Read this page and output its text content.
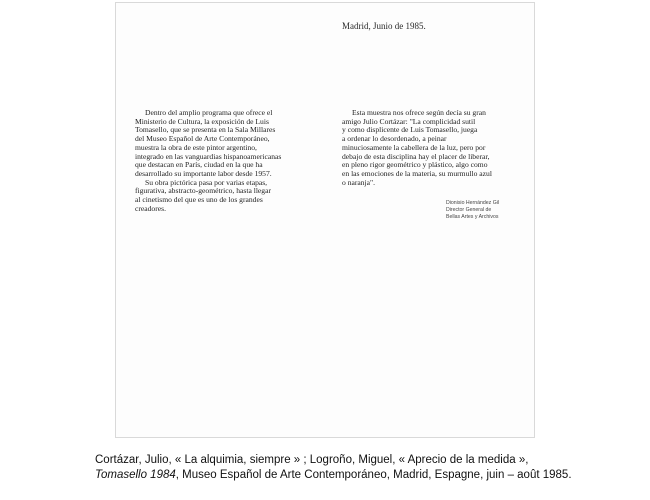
Madrid, Junio de 1985.

Dentro del amplio programa que ofrece el
Ministerio de Cultura, la exposición de Luis
Tomasello, que se presenta en la Sala Millares
del Museo Español de Arte Contemporáneo,
muestra la obra de este pintor argentino,
integrado en las vanguardias hispanoamericanas
que destacan en París, ciudad en la que ha
desarrollado su importante labor desde 1957.

Su obra pictórica pasa por varias etapas,
figurativa, abstracto-geométrico, hasta llegar
al cinetismo del que es uno de los grandes
creadores.

Esta muestra nos ofrece según decía su gran
amigo Julio Cortázar: "La complicidad sutil
y como displicente de Luis Tomasello, juega
a ordenar lo desordenado, a peinar
minuciosamente la cabellera de la luz, pero por
debajo de esta disciplina hay el placer de liberar,
en pleno rigor geométrico y plástico, algo como
en las emociones de la materia, su murmullo azul
o naranja".

Dionisio Hernández Gil
Director General de
Bellas Artes y Archivos
Cortázar, Julio, « La alquimia, siempre » ; Logroño, Miguel, « Aprecio de la medida »,
Tomasello 1984, Museo Español de Arte Contemporáneo, Madrid, Espagne, juin – août 1985.
